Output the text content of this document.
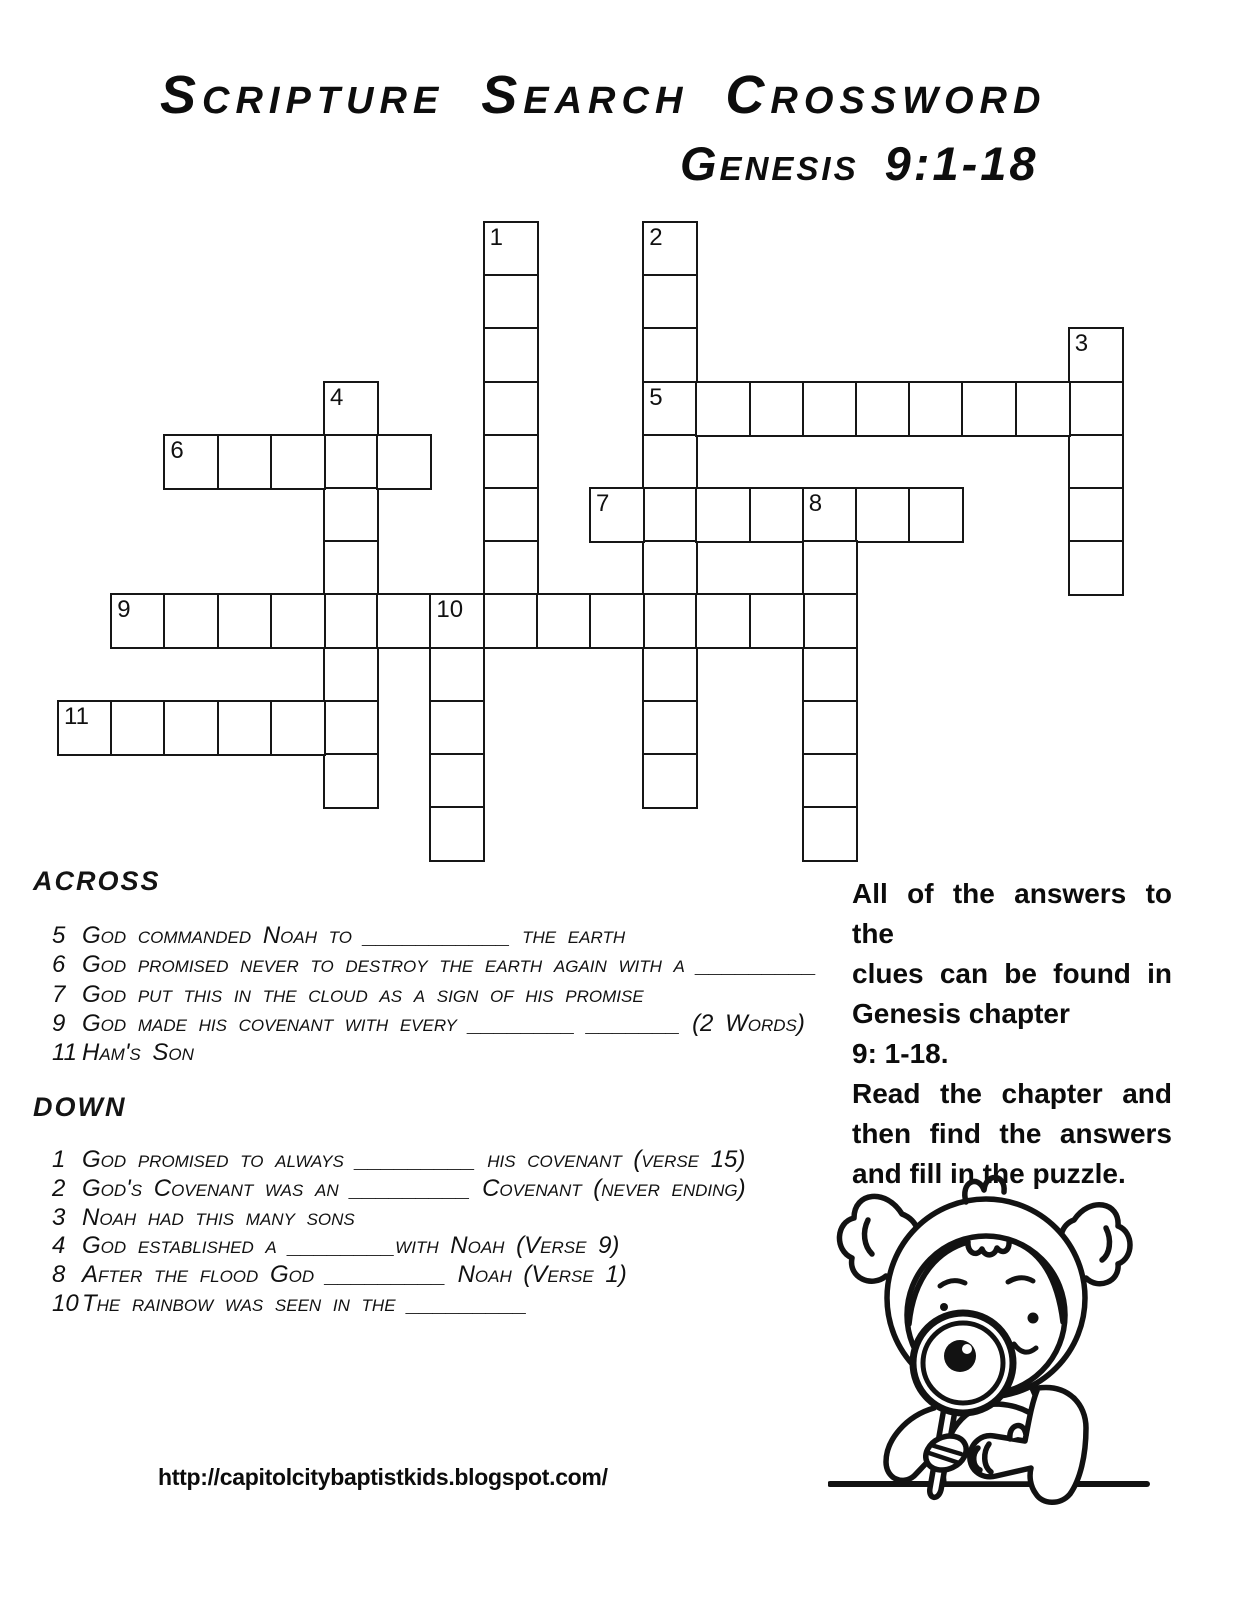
Scripture Search Crossword
Genesis 9:1-18
1	2
3
4	5
6
7	8
9	10
11
ACROSS
5 God commanded Noah to ___________ the earth
6 God promised never to destroy the earth again with a _________
7 God put this in the cloud as a sign of his promise
9 God made his covenant with every ________ _______ (2 Words)
11 Ham's Son
DOWN
1 God promised to always _________ his covenant (verse 15)
2 God's Covenant was an _________ Covenant (never ending)
3 Noah had this many sons
4 God established a ________with Noah (Verse 9)
8 After the flood God _________ Noah (Verse 1)
10 The rainbow was seen in the _________
All of the answers to the
clues can be found in
Genesis chapter
9: 1-18.
Read the chapter and
then find the answers
and fill in the puzzle.
http://capitolcitybaptistkids.blogspot.com/
